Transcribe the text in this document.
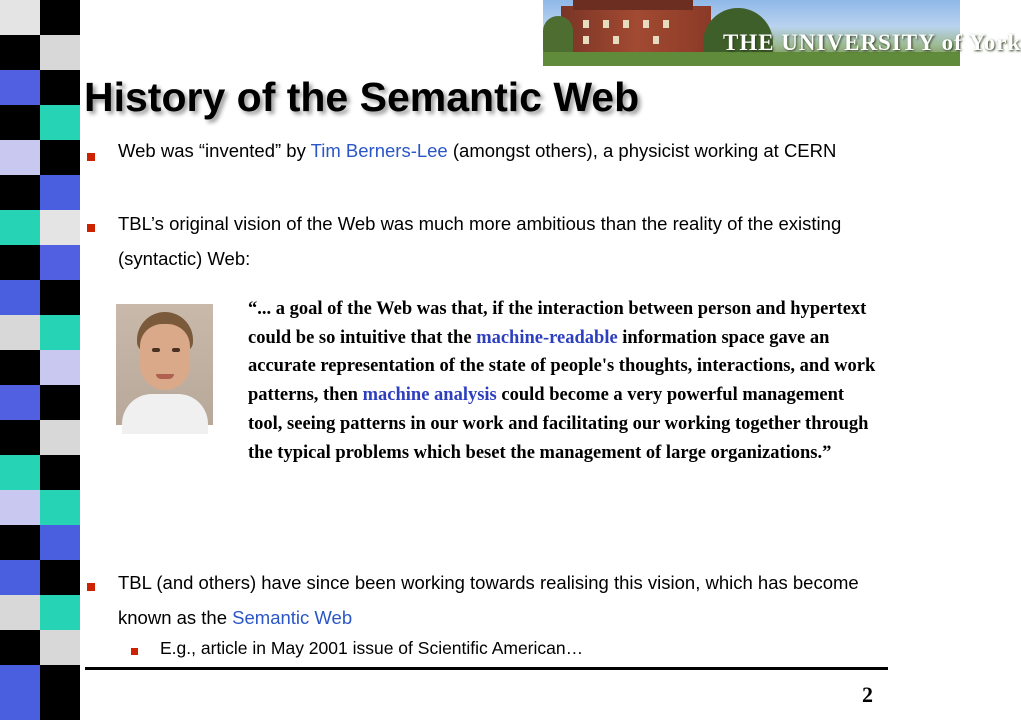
THE UNIVERSITY of York
History of the Semantic Web
Web was “invented” by Tim Berners-Lee (amongst others), a physicist working at CERN
TBL’s original vision of the Web was much more ambitious than the reality of the existing (syntactic) Web:
“... a goal of the Web was that, if the interaction between person and hypertext could be so intuitive that the machine-readable information space gave an accurate representation of the state of people's thoughts, interactions, and work patterns, then machine analysis could become a very powerful management tool, seeing patterns in our work and facilitating our working together through the typical problems which beset the management of large organizations.”
TBL (and others) have since been working towards realising this vision, which has become known as the Semantic Web
E.g., article in May 2001 issue of Scientific American…
2
